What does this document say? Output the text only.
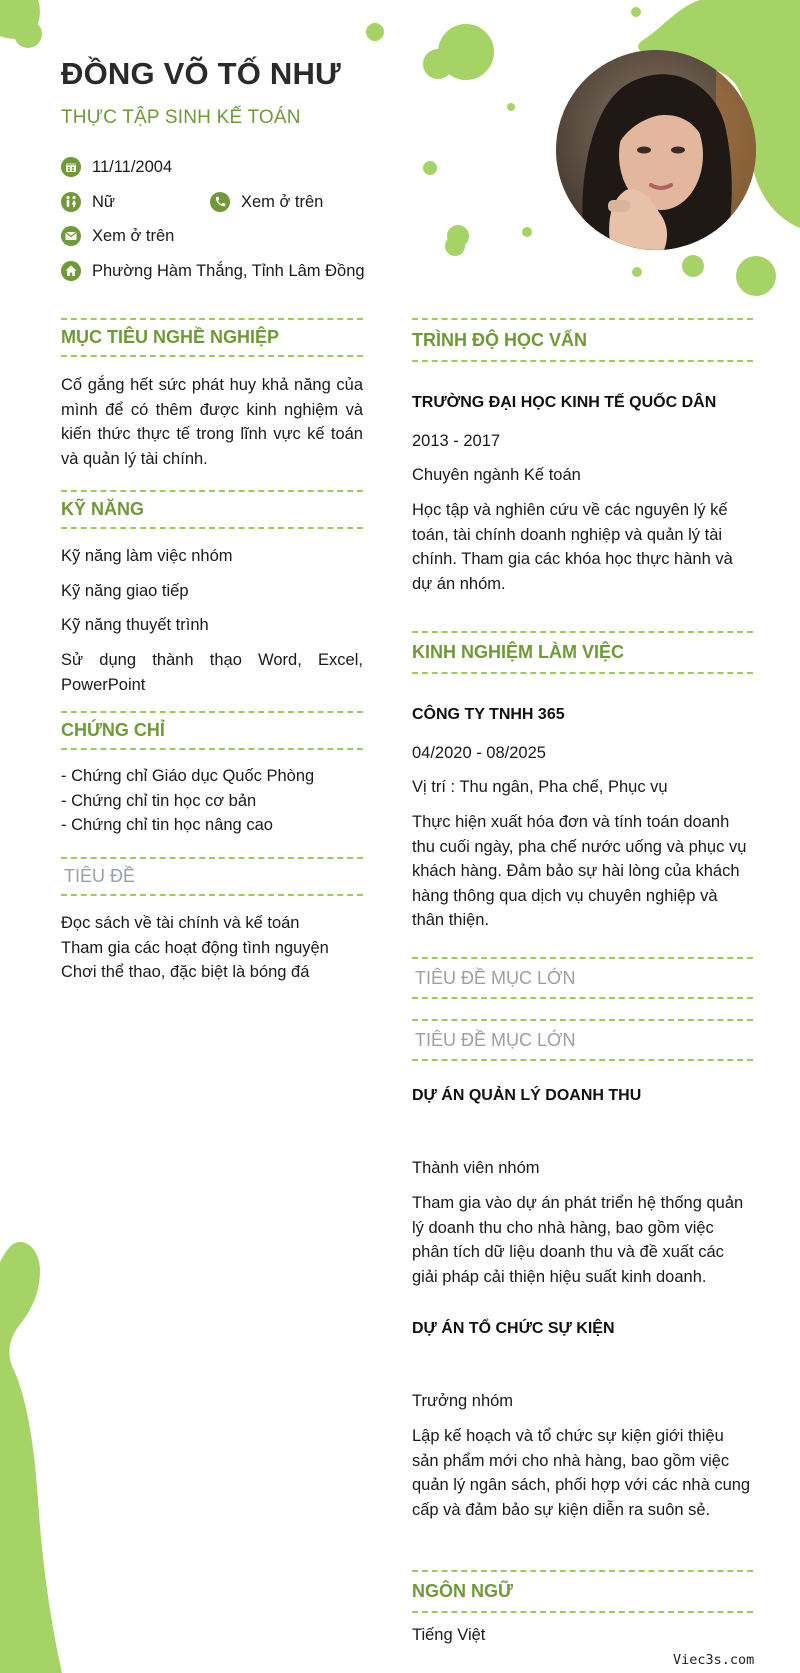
ĐỒNG VÕ TỐ NHƯ
THỰC TẬP SINH KẾ TOÁN
11/11/2004
Nữ	Xem ở trên
Xem ở trên
Phường Hàm Thắng, Tỉnh Lâm Đồng
MỤC TIÊU NGHỀ NGHIỆP

Cố gắng hết sức phát huy khả năng của mình để có thêm được kinh nghiệm và kiến thức thực tế trong lĩnh vực kế toán và quản lý tài chính.

KỸ NĂNG
Kỹ năng làm việc nhóm
Kỹ năng giao tiếp
Kỹ năng thuyết trình
Sử dụng thành thạo Word, Excel, PowerPoint
CHỨNG CHỈ
- Chứng chỉ Giáo dục Quốc Phòng
- Chứng chỉ tin học cơ bản
- Chứng chỉ tin học nâng cao
TIÊU ĐỀ
Đọc sách về tài chính và kế toán
Tham gia các hoạt động tình nguyện
Chơi thể thao, đặc biệt là bóng đá
TRÌNH ĐỘ HỌC VẤN
TRƯỜNG ĐẠI HỌC KINH TẾ QUỐC DÂN
2013 - 2017
Chuyên ngành Kế toán

Học tập và nghiên cứu về các nguyên lý kế toán, tài chính doanh nghiệp và quản lý tài chính. Tham gia các khóa học thực hành và dự án nhóm.

KINH NGHIỆM LÀM VIỆC
CÔNG TY TNHH 365
04/2020 - 08/2025
Vị trí : Thu ngân, Pha chế, Phục vụ

Thực hiện xuất hóa đơn và tính toán doanh thu cuối ngày, pha chế nước uống và phục vụ khách hàng. Đảm bảo sự hài lòng của khách hàng thông qua dịch vụ chuyên nghiệp và thân thiện.

TIÊU ĐỀ MỤC LỚN
TIÊU ĐỀ MỤC LỚN
DỰ ÁN QUẢN LÝ DOANH THU
Thành viên nhóm

Tham gia vào dự án phát triển hệ thống quản lý doanh thu cho nhà hàng, bao gồm việc phân tích dữ liệu doanh thu và đề xuất các giải pháp cải thiện hiệu suất kinh doanh.

DỰ ÁN TỔ CHỨC SỰ KIỆN
Trưởng nhóm

Lập kế hoạch và tổ chức sự kiện giới thiệu sản phẩm mới cho nhà hàng, bao gồm việc quản lý ngân sách, phối hợp với các nhà cung cấp và đảm bảo sự kiện diễn ra suôn sẻ.

NGÔN NGỮ
Tiếng Việt
Viec3s.com
